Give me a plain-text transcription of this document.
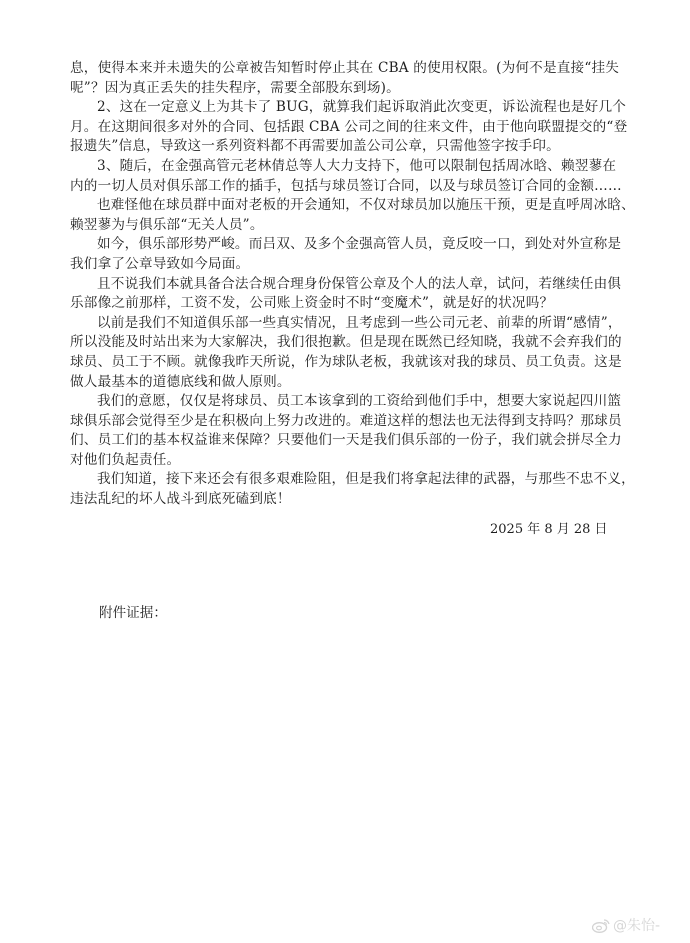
息，使得本来并未遗失的公章被告知暂时停止其在 CBA 的使用权限。(为何不是直接“挂失
呢”？因为真正丢失的挂失程序，需要全部股东到场)。
2、这在一定意义上为其卡了 BUG，就算我们起诉取消此次变更，诉讼流程也是好几个
月。在这期间很多对外的合同、包括跟 CBA 公司之间的往来文件，由于他向联盟提交的“登
报遗失”信息，导致这一系列资料都不再需要加盖公司公章，只需他签字按手印。
3、随后，在金强高管元老林倩总等人大力支持下，他可以限制包括周冰晗、赖翌蓼在
内的一切人员对俱乐部工作的插手，包括与球员签订合同，以及与球员签订合同的金额……
也难怪他在球员群中面对老板的开会通知，不仅对球员加以施压干预，更是直呼周冰晗、
赖翌蓼为与俱乐部“无关人员”。
如今，俱乐部形势严峻。而吕双、及多个金强高管人员，竟反咬一口，到处对外宣称是
我们拿了公章导致如今局面。
且不说我们本就具备合法合规合理身份保管公章及个人的法人章，试问，若继续任由俱
乐部像之前那样，工资不发，公司账上资金时不时“变魔术”，就是好的状况吗？
以前是我们不知道俱乐部一些真实情况，且考虑到一些公司元老、前辈的所谓“感情”，
所以没能及时站出来为大家解决，我们很抱歉。但是现在既然已经知晓，我就不会弃我们的
球员、员工于不顾。就像我昨天所说，作为球队老板，我就该对我的球员、员工负责。这是
做人最基本的道德底线和做人原则。
我们的意愿，仅仅是将球员、员工本该拿到的工资给到他们手中，想要大家说起四川篮
球俱乐部会觉得至少是在积极向上努力改进的。难道这样的想法也无法得到支持吗？那球员
们、员工们的基本权益谁来保障？只要他们一天是我们俱乐部的一份子，我们就会拼尽全力
对他们负起责任。
我们知道，接下来还会有很多艰难险阻，但是我们将拿起法律的武器，与那些不忠不义，
违法乱纪的坏人战斗到底死磕到底！
2025 年 8 月 28 日
附件证据：
@朱怡-
